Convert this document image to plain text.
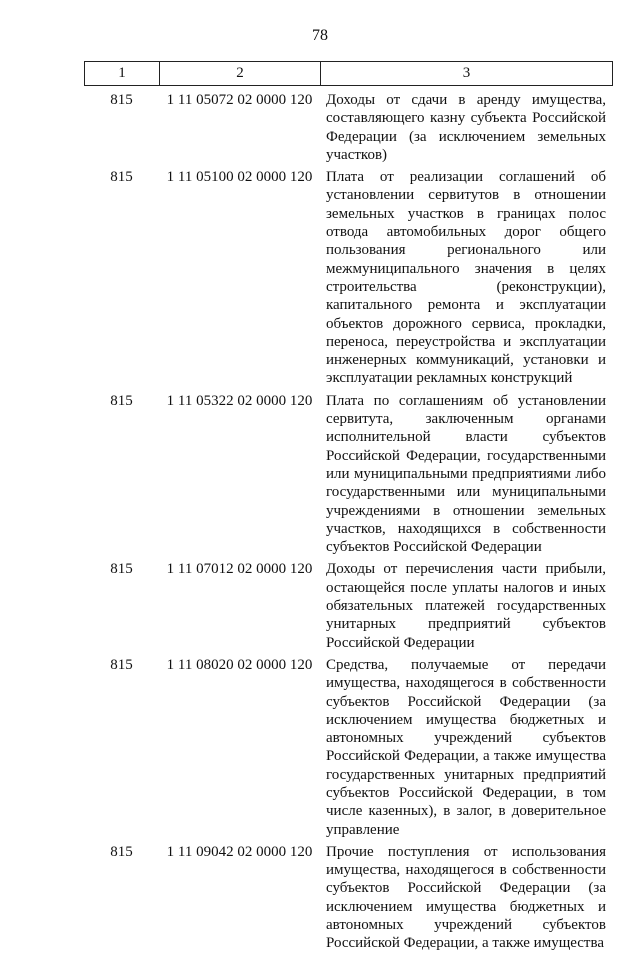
78
1	2	3
815	1 11 05072 02 0000 120 Доходы от сдачи в аренду имущества, составляющего казну субъекта Российской Федерации (за исключением земельных участков)
815	1 11 05100 02 0000 120 Плата от реализации соглашений об установлении сервитутов в отношении земельных участков в границах полос отвода автомобильных дорог общего пользования регионального или межмуниципального значения в целях строительства (реконструкции), капитального ремонта и эксплуатации объектов дорожного сервиса, прокладки, переноса, переустройства и эксплуатации инженерных коммуникаций, установки и эксплуатации рекламных конструкций
815	1 11 05322 02 0000 120 Плата по соглашениям об установлении сервитута, заключенным органами исполнительной власти субъектов Российской Федерации, государственными или муниципальными предприятиями либо государственными или муниципальными учреждениями в отношении земельных участков, находящихся в собственности субъектов Российской Федерации
815	1 11 07012 02 0000 120 Доходы от перечисления части прибыли, остающейся после уплаты налогов и иных обязательных платежей государственных унитарных предприятий субъектов Российской Федерации
815	1 11 08020 02 0000 120 Средства, получаемые от передачи имущества, находящегося в собственности субъектов Российской Федерации (за исключением имущества бюджетных и автономных учреждений субъектов Российской Федерации, а также имущества государственных унитарных предприятий субъектов Российской Федерации, в том числе казенных), в залог, в доверительное управление
815	1 11 09042 02 0000 120 Прочие поступления от использования имущества, находящегося в собственности субъектов Российской Федерации (за исключением имущества бюджетных и автономных учреждений субъектов Российской Федерации, а также имущества
